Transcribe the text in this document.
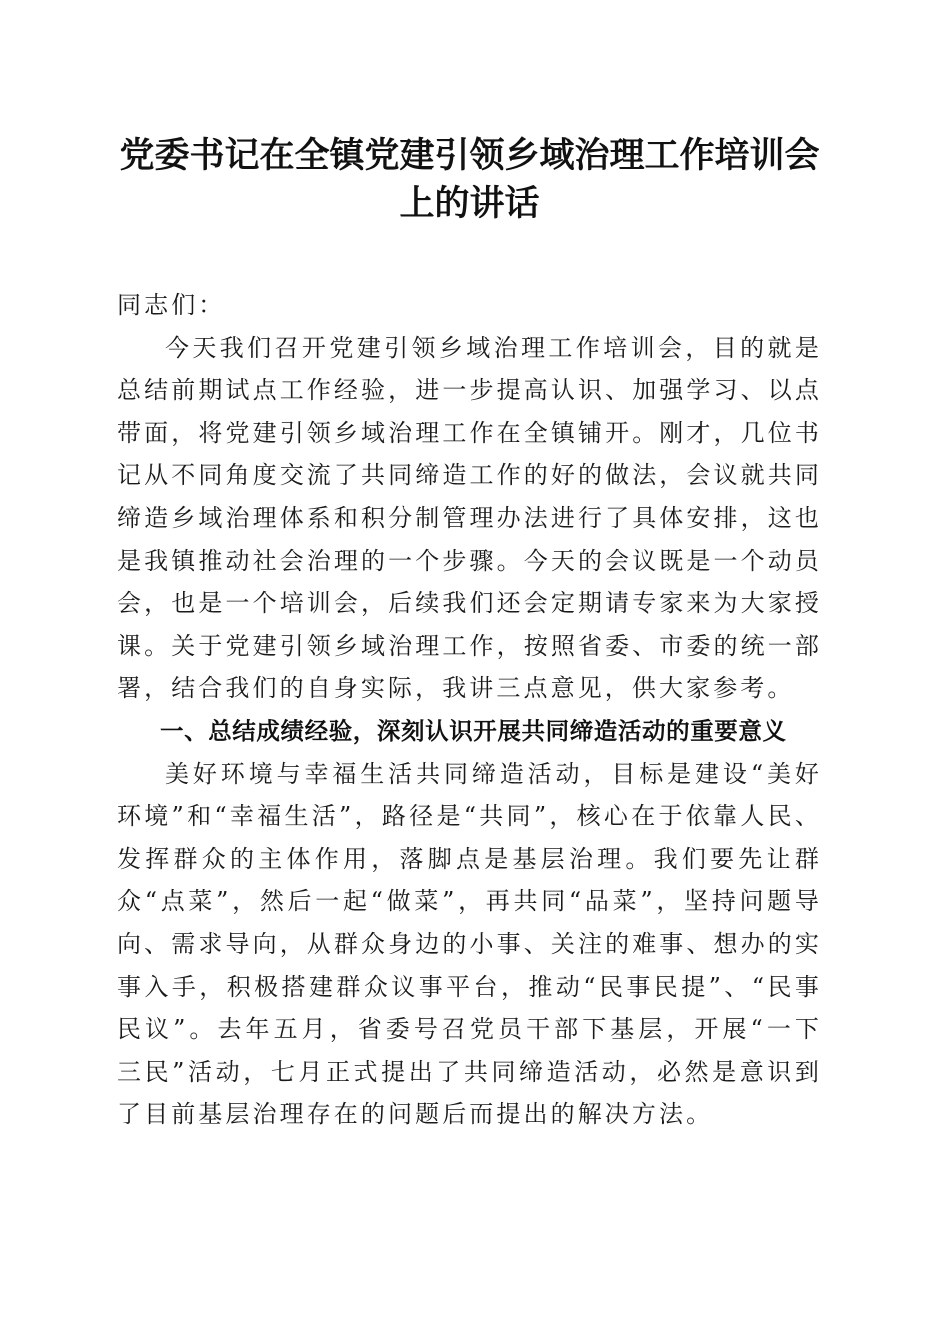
党委书记在全镇党建引领乡域治理工作培训会上的讲话

同志们：

今天我们召开党建引领乡域治理工作培训会，目的就是总结前期试点工作经验，进一步提高认识、加强学习、以点带面，将党建引领乡域治理工作在全镇铺开。刚才，几位书记从不同角度交流了共同缔造工作的好的做法，会议就共同缔造乡域治理体系和积分制管理办法进行了具体安排，这也是我镇推动社会治理的一个步骤。今天的会议既是一个动员会，也是一个培训会，后续我们还会定期请专家来为大家授课。关于党建引领乡域治理工作，按照省委、市委的统一部署，结合我们的自身实际，我讲三点意见，供大家参考。

一、总结成绩经验，深刻认识开展共同缔造活动的重要意义

美好环境与幸福生活共同缔造活动，目标是建设“美好环境”和“幸福生活”，路径是“共同”，核心在于依靠人民、发挥群众的主体作用，落脚点是基层治理。我们要先让群众“点菜”，然后一起“做菜”，再共同“品菜”，坚持问题导向、需求导向，从群众身边的小事、关注的难事、想办的实事入手，积极搭建群众议事平台，推动“民事民提”、“民事民议”。去年五月，省委号召党员干部下基层，开展“一下三民”活动，七月正式提出了共同缔造活动，必然是意识到了目前基层治理存在的问题后而提出的解决方法。
